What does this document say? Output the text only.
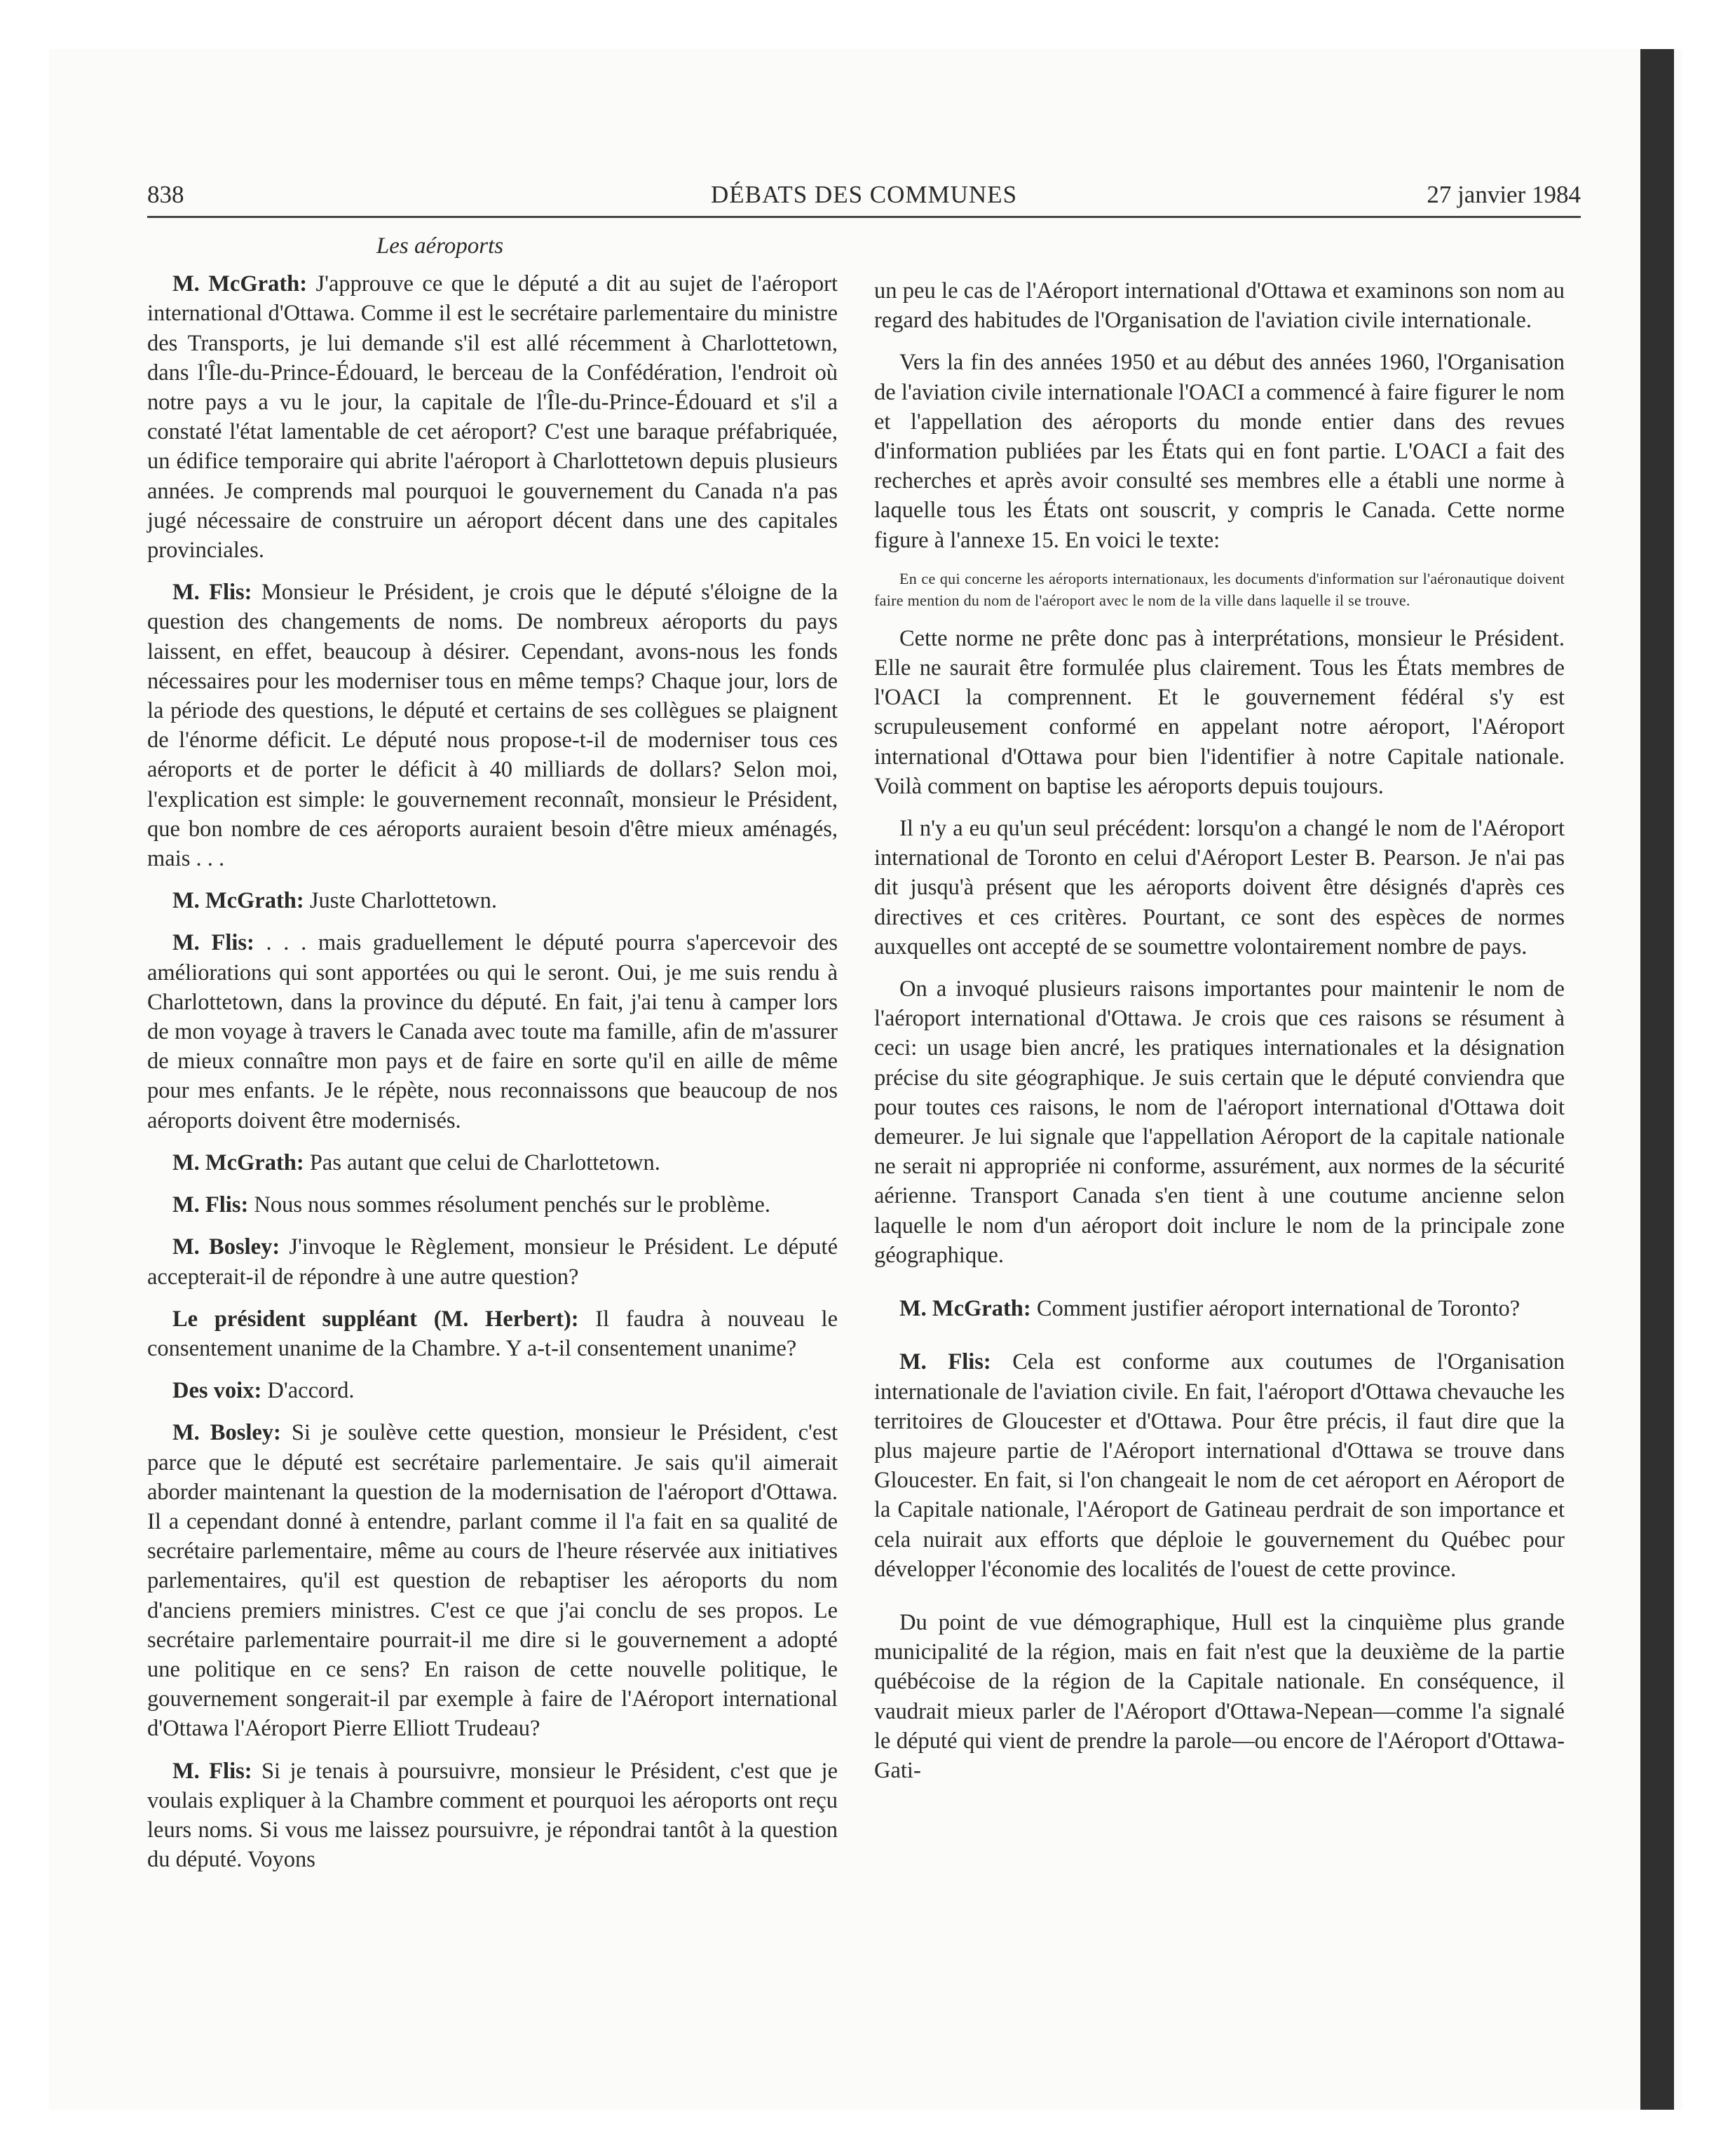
838	DÉBATS DES COMMUNES	27 janvier 1984
Les aéroports

M. McGrath: J'approuve ce que le député a dit au sujet de l'aéroport international d'Ottawa. Comme il est le secrétaire parlementaire du ministre des Transports, je lui demande s'il est allé récemment à Charlottetown, dans l'Île-du-Prince-Édouard, le berceau de la Confédération, l'endroit où notre pays a vu le jour, la capitale de l'Île-du-Prince-Édouard et s'il a constaté l'état lamentable de cet aéroport? C'est une baraque préfabriquée, un édifice temporaire qui abrite l'aéroport à Charlottetown depuis plusieurs années. Je comprends mal pourquoi le gouvernement du Canada n'a pas jugé nécessaire de construire un aéroport décent dans une des capitales provinciales.

M. Flis: Monsieur le Président, je crois que le député s'éloigne de la question des changements de noms. De nombreux aéroports du pays laissent, en effet, beaucoup à désirer. Cependant, avons-nous les fonds nécessaires pour les moderniser tous en même temps? Chaque jour, lors de la période des questions, le député et certains de ses collègues se plaignent de l'énorme déficit. Le député nous propose-t-il de moderniser tous ces aéroports et de porter le déficit à 40 milliards de dollars? Selon moi, l'explication est simple: le gouvernement reconnaît, monsieur le Président, que bon nombre de ces aéroports auraient besoin d'être mieux aménagés, mais . . .

M. McGrath: Juste Charlottetown.

M. Flis: . . . mais graduellement le député pourra s'apercevoir des améliorations qui sont apportées ou qui le seront. Oui, je me suis rendu à Charlottetown, dans la province du député. En fait, j'ai tenu à camper lors de mon voyage à travers le Canada avec toute ma famille, afin de m'assurer de mieux connaître mon pays et de faire en sorte qu'il en aille de même pour mes enfants. Je le répète, nous reconnaissons que beaucoup de nos aéroports doivent être modernisés.

M. McGrath: Pas autant que celui de Charlottetown.

M. Flis: Nous nous sommes résolument penchés sur le problème.

M. Bosley: J'invoque le Règlement, monsieur le Président. Le député accepterait-il de répondre à une autre question?

Le président suppléant (M. Herbert): Il faudra à nouveau le consentement unanime de la Chambre. Y a-t-il consentement unanime?

Des voix: D'accord.

M. Bosley: Si je soulève cette question, monsieur le Président, c'est parce que le député est secrétaire parlementaire. Je sais qu'il aimerait aborder maintenant la question de la modernisation de l'aéroport d'Ottawa. Il a cependant donné à entendre, parlant comme il l'a fait en sa qualité de secrétaire parlementaire, même au cours de l'heure réservée aux initiatives parlementaires, qu'il est question de rebaptiser les aéroports du nom d'anciens premiers ministres. C'est ce que j'ai conclu de ses propos. Le secrétaire parlementaire pourrait-il me dire si le gouvernement a adopté une politique en ce sens? En raison de cette nouvelle politique, le gouvernement songerait-il par exemple à faire de l'Aéroport international d'Ottawa l'Aéroport Pierre Elliott Trudeau?

M. Flis: Si je tenais à poursuivre, monsieur le Président, c'est que je voulais expliquer à la Chambre comment et pourquoi les aéroports ont reçu leurs noms. Si vous me laissez poursuivre, je répondrai tantôt à la question du député. Voyons

un peu le cas de l'Aéroport international d'Ottawa et examinons son nom au regard des habitudes de l'Organisation de l'aviation civile internationale.

Vers la fin des années 1950 et au début des années 1960, l'Organisation de l'aviation civile internationale l'OACI a commencé à faire figurer le nom et l'appellation des aéroports du monde entier dans des revues d'information publiées par les États qui en font partie. L'OACI a fait des recherches et après avoir consulté ses membres elle a établi une norme à laquelle tous les États ont souscrit, y compris le Canada. Cette norme figure à l'annexe 15. En voici le texte:

En ce qui concerne les aéroports internationaux, les documents d'information sur l'aéronautique doivent faire mention du nom de l'aéroport avec le nom de la ville dans laquelle il se trouve.

Cette norme ne prête donc pas à interprétations, monsieur le Président. Elle ne saurait être formulée plus clairement. Tous les États membres de l'OACI la comprennent. Et le gouvernement fédéral s'y est scrupuleusement conformé en appelant notre aéroport, l'Aéroport international d'Ottawa pour bien l'identifier à notre Capitale nationale. Voilà comment on baptise les aéroports depuis toujours.

Il n'y a eu qu'un seul précédent: lorsqu'on a changé le nom de l'Aéroport international de Toronto en celui d'Aéroport Lester B. Pearson. Je n'ai pas dit jusqu'à présent que les aéroports doivent être désignés d'après ces directives et ces critères. Pourtant, ce sont des espèces de normes auxquelles ont accepté de se soumettre volontairement nombre de pays.

On a invoqué plusieurs raisons importantes pour maintenir le nom de l'aéroport international d'Ottawa. Je crois que ces raisons se résument à ceci: un usage bien ancré, les pratiques internationales et la désignation précise du site géographique. Je suis certain que le député conviendra que pour toutes ces raisons, le nom de l'aéroport international d'Ottawa doit demeurer. Je lui signale que l'appellation Aéroport de la capitale nationale ne serait ni appropriée ni conforme, assurément, aux normes de la sécurité aérienne. Transport Canada s'en tient à une coutume ancienne selon laquelle le nom d'un aéroport doit inclure le nom de la principale zone géographique.

M. McGrath: Comment justifier aéroport international de Toronto?

M. Flis: Cela est conforme aux coutumes de l'Organisation internationale de l'aviation civile. En fait, l'aéroport d'Ottawa chevauche les territoires de Gloucester et d'Ottawa. Pour être précis, il faut dire que la plus majeure partie de l'Aéroport international d'Ottawa se trouve dans Gloucester. En fait, si l'on changeait le nom de cet aéroport en Aéroport de la Capitale nationale, l'Aéroport de Gatineau perdrait de son importance et cela nuirait aux efforts que déploie le gouvernement du Québec pour développer l'économie des localités de l'ouest de cette province.

Du point de vue démographique, Hull est la cinquième plus grande municipalité de la région, mais en fait n'est que la deuxième de la partie québécoise de la région de la Capitale nationale. En conséquence, il vaudrait mieux parler de l'Aéroport d'Ottawa-Nepean—comme l'a signalé le député qui vient de prendre la parole—ou encore de l'Aéroport d'Ottawa-Gati-
